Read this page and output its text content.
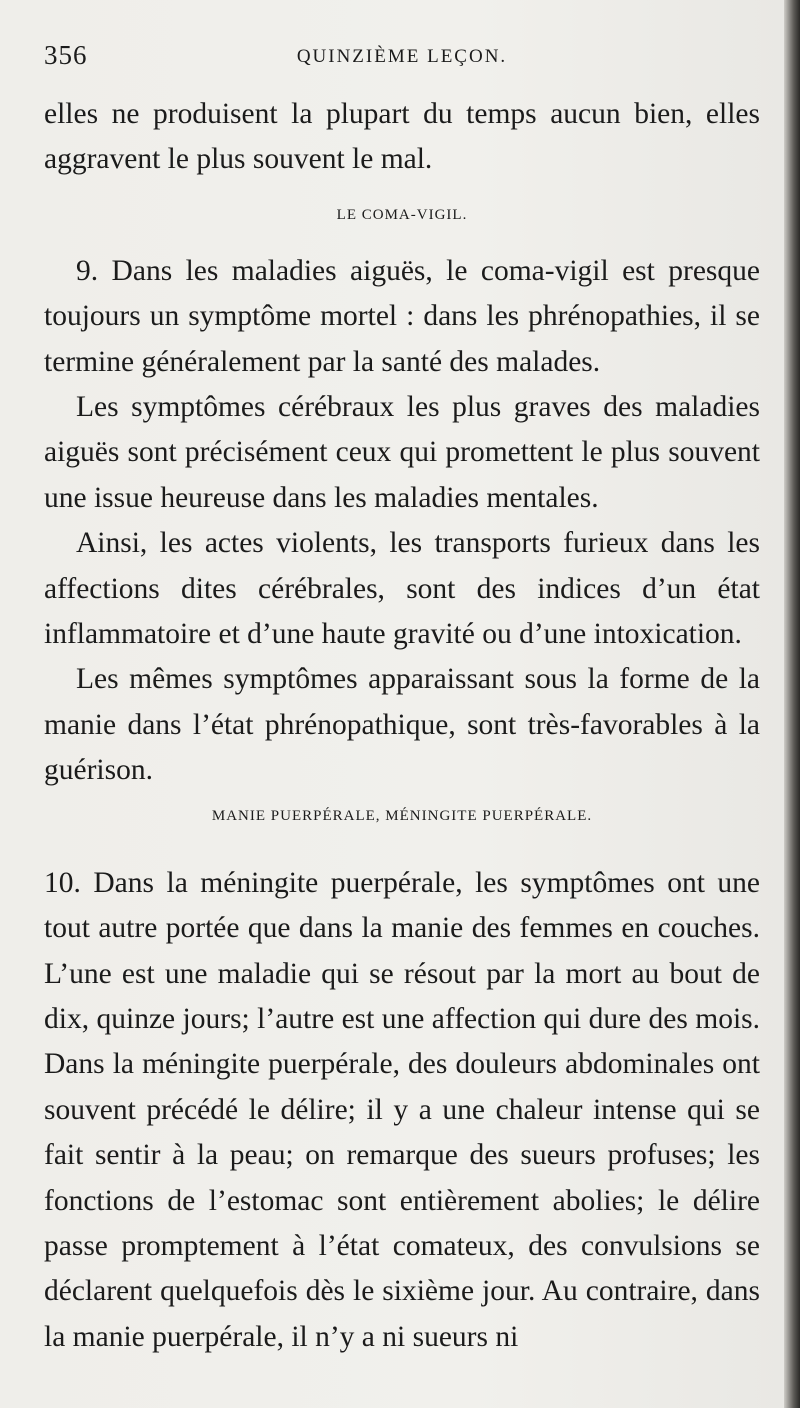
356	QUINZIÈME LEÇON.

elles ne produisent la plupart du temps aucun bien, elles aggravent le plus souvent le mal.

LE COMA-VIGIL.

9. Dans les maladies aiguës, le coma-vigil est presque toujours un symptôme mortel : dans les phrénopathies, il se termine généralement par la santé des malades.

Les symptômes cérébraux les plus graves des maladies aiguës sont précisément ceux qui promettent le plus souvent une issue heureuse dans les maladies mentales.

Ainsi, les actes violents, les transports furieux dans les affections dites cérébrales, sont des indices d’un état inflammatoire et d’une haute gravité ou d’une intoxication.

Les mêmes symptômes apparaissant sous la forme de la manie dans l’état phrénopathique, sont très-favorables à la guérison.

MANIE PUERPÉRALE, MÉNINGITE PUERPÉRALE.

10. Dans la méningite puerpérale, les symptômes ont une tout autre portée que dans la manie des femmes en couches. L’une est une maladie qui se résout par la mort au bout de dix, quinze jours; l’autre est une affection qui dure des mois. Dans la méningite puerpérale, des douleurs abdominales ont souvent précédé le délire; il y a une chaleur intense qui se fait sentir à la peau; on remarque des sueurs profuses; les fonctions de l’estomac sont entièrement abolies; le délire passe promptement à l’état comateux, des convulsions se déclarent quelquefois dès le sixième jour. Au contraire, dans la manie puerpérale, il n’y a ni sueurs ni
